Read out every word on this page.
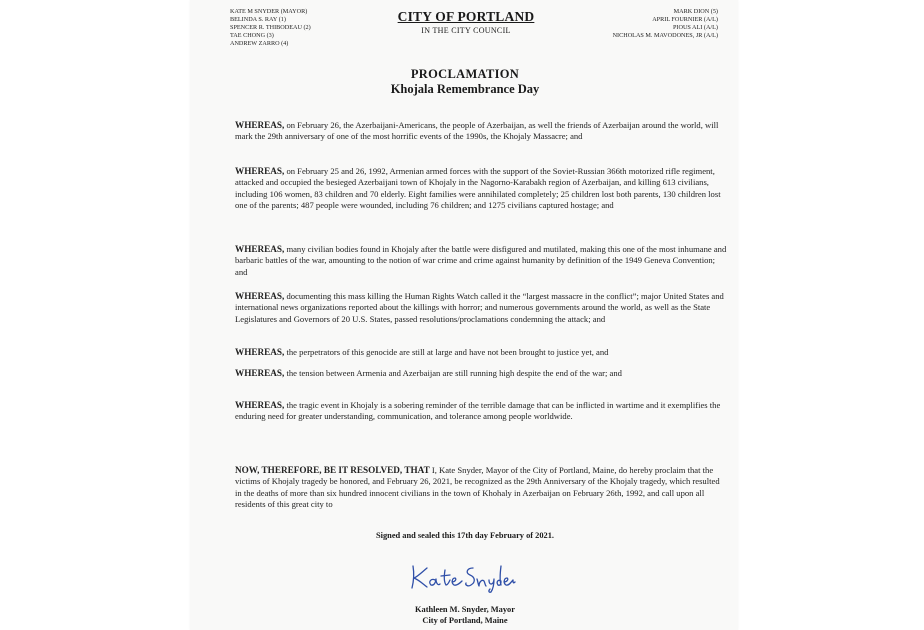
KATE M SNYDER (MAYOR)
BELINDA S. RAY (1)
SPENCER R. THIBODEAU (2)
TAE CHONG (3)
ANDREW ZARRO (4)
CITY OF PORTLAND
IN THE CITY COUNCIL
MARK DION (5)
APRIL FOURNIER (A/L)
PIOUS ALI (A/L)
NICHOLAS M. MAVODONES, JR (A/L)
PROCLAMATION
Khojala Remembrance Day
WHEREAS, on February 26, the Azerbaijani-Americans, the people of Azerbaijan, as well the friends of Azerbaijan around the world, will mark the 29th anniversary of one of the most horrific events of the 1990s, the Khojaly Massacre; and
WHEREAS, on February 25 and 26, 1992, Armenian armed forces with the support of the Soviet-Russian 366th motorized rifle regiment, attacked and occupied the besieged Azerbaijani town of Khojaly in the Nagorno-Karabakh region of Azerbaijan, and killing 613 civilians, including 106 women, 83 children and 70 elderly. Eight families were annihilated completely; 25 children lost both parents, 130 children lost one of the parents; 487 people were wounded, including 76 children; and 1275 civilians captured hostage; and
WHEREAS, many civilian bodies found in Khojaly after the battle were disfigured and mutilated, making this one of the most inhumane and barbaric battles of the war, amounting to the notion of war crime and crime against humanity by definition of the 1949 Geneva Convention; and
WHEREAS, documenting this mass killing the Human Rights Watch called it the “largest massacre in the conflict”; major United States and international news organizations reported about the killings with horror; and numerous governments around the world, as well as the State Legislatures and Governors of 20 U.S. States, passed resolutions/proclamations condemning the attack; and
WHEREAS, the perpetrators of this genocide are still at large and have not been brought to justice yet, and
WHEREAS, the tension between Armenia and Azerbaijan are still running high despite the end of the war; and
WHEREAS, the tragic event in Khojaly is a sobering reminder of the terrible damage that can be inflicted in wartime and it exemplifies the enduring need for greater understanding, communication, and tolerance among people worldwide.
NOW, THEREFORE, BE IT RESOLVED, THAT I, Kate Snyder, Mayor of the City of Portland, Maine, do hereby proclaim that the victims of Khojaly tragedy be honored, and February 26, 2021, be recognized as the 29th Anniversary of the Khojaly tragedy, which resulted in the deaths of more than six hundred innocent civilians in the town of Khohaly in Azerbaijan on February 26th, 1992, and call upon all residents of this great city to
Signed and sealed this 17th day February of 2021.
Kathleen M. Snyder, Mayor
City of Portland, Maine
